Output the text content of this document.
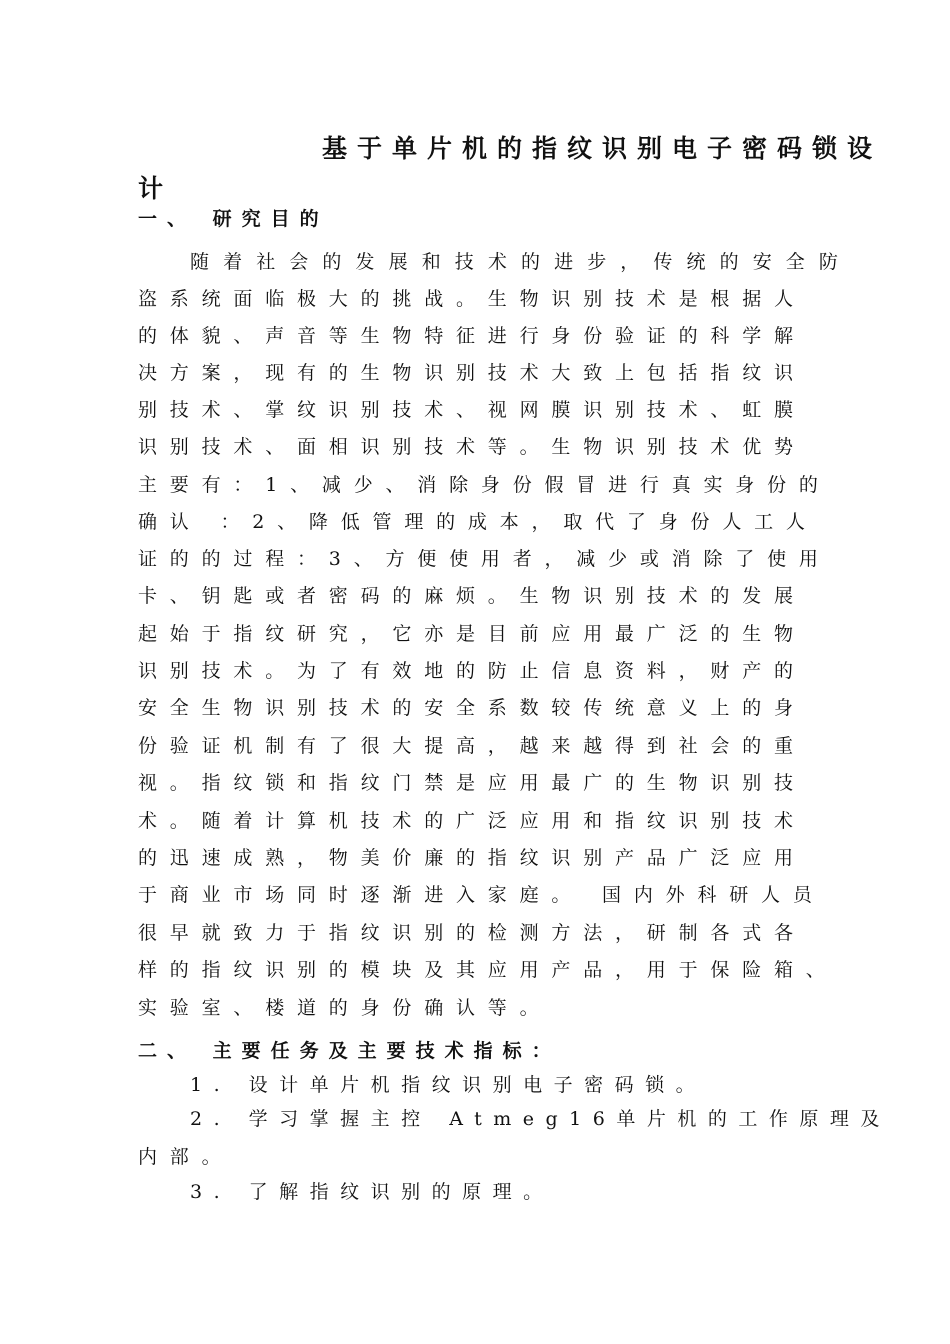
基于单片机的指纹识别电子密码锁设
计
一、 研究目的
随着社会的发展和技术的进步，传统的安全防
盗系统面临极大的挑战。生物识别技术是根据人
的体貌、声音等生物特征进行身份验证的科学解
决方案，现有的生物识别技术大致上包括指纹识
别技术、掌纹识别技术、视网膜识别技术、虹膜
识别技术、面相识别技术等。生物识别技术优势
主要有：1、减少、消除身份假冒进行真实身份的
确认 ：2、降低管理的成本，取代了身份人工人
证的的过程：3、方便使用者，减少或消除了使用
卡、钥匙或者密码的麻烦。生物识别技术的发展
起始于指纹研究，它亦是目前应用最广泛的生物
识别技术。为了有效地的防止信息资料，财产的
安全生物识别技术的安全系数较传统意义上的身
份验证机制有了很大提高，越来越得到社会的重
视。指纹锁和指纹门禁是应用最广的生物识别技
术。随着计算机技术的广泛应用和指纹识别技术
的迅速成熟，物美价廉的指纹识别产品广泛应用
于商业市场同时逐渐进入家庭。 国内外科研人员
很早就致力于指纹识别的检测方法，研制各式各
样的指纹识别的模块及其应用产品，用于保险箱、
实验室、楼道的身份确认等。
二、 主要任务及主要技术指标：
1. 设计单片机指纹识别电子密码锁。
2. 学习掌握主控 Atmeg16单片机的工作原理及
内部。
3. 了解指纹识别的原理。
